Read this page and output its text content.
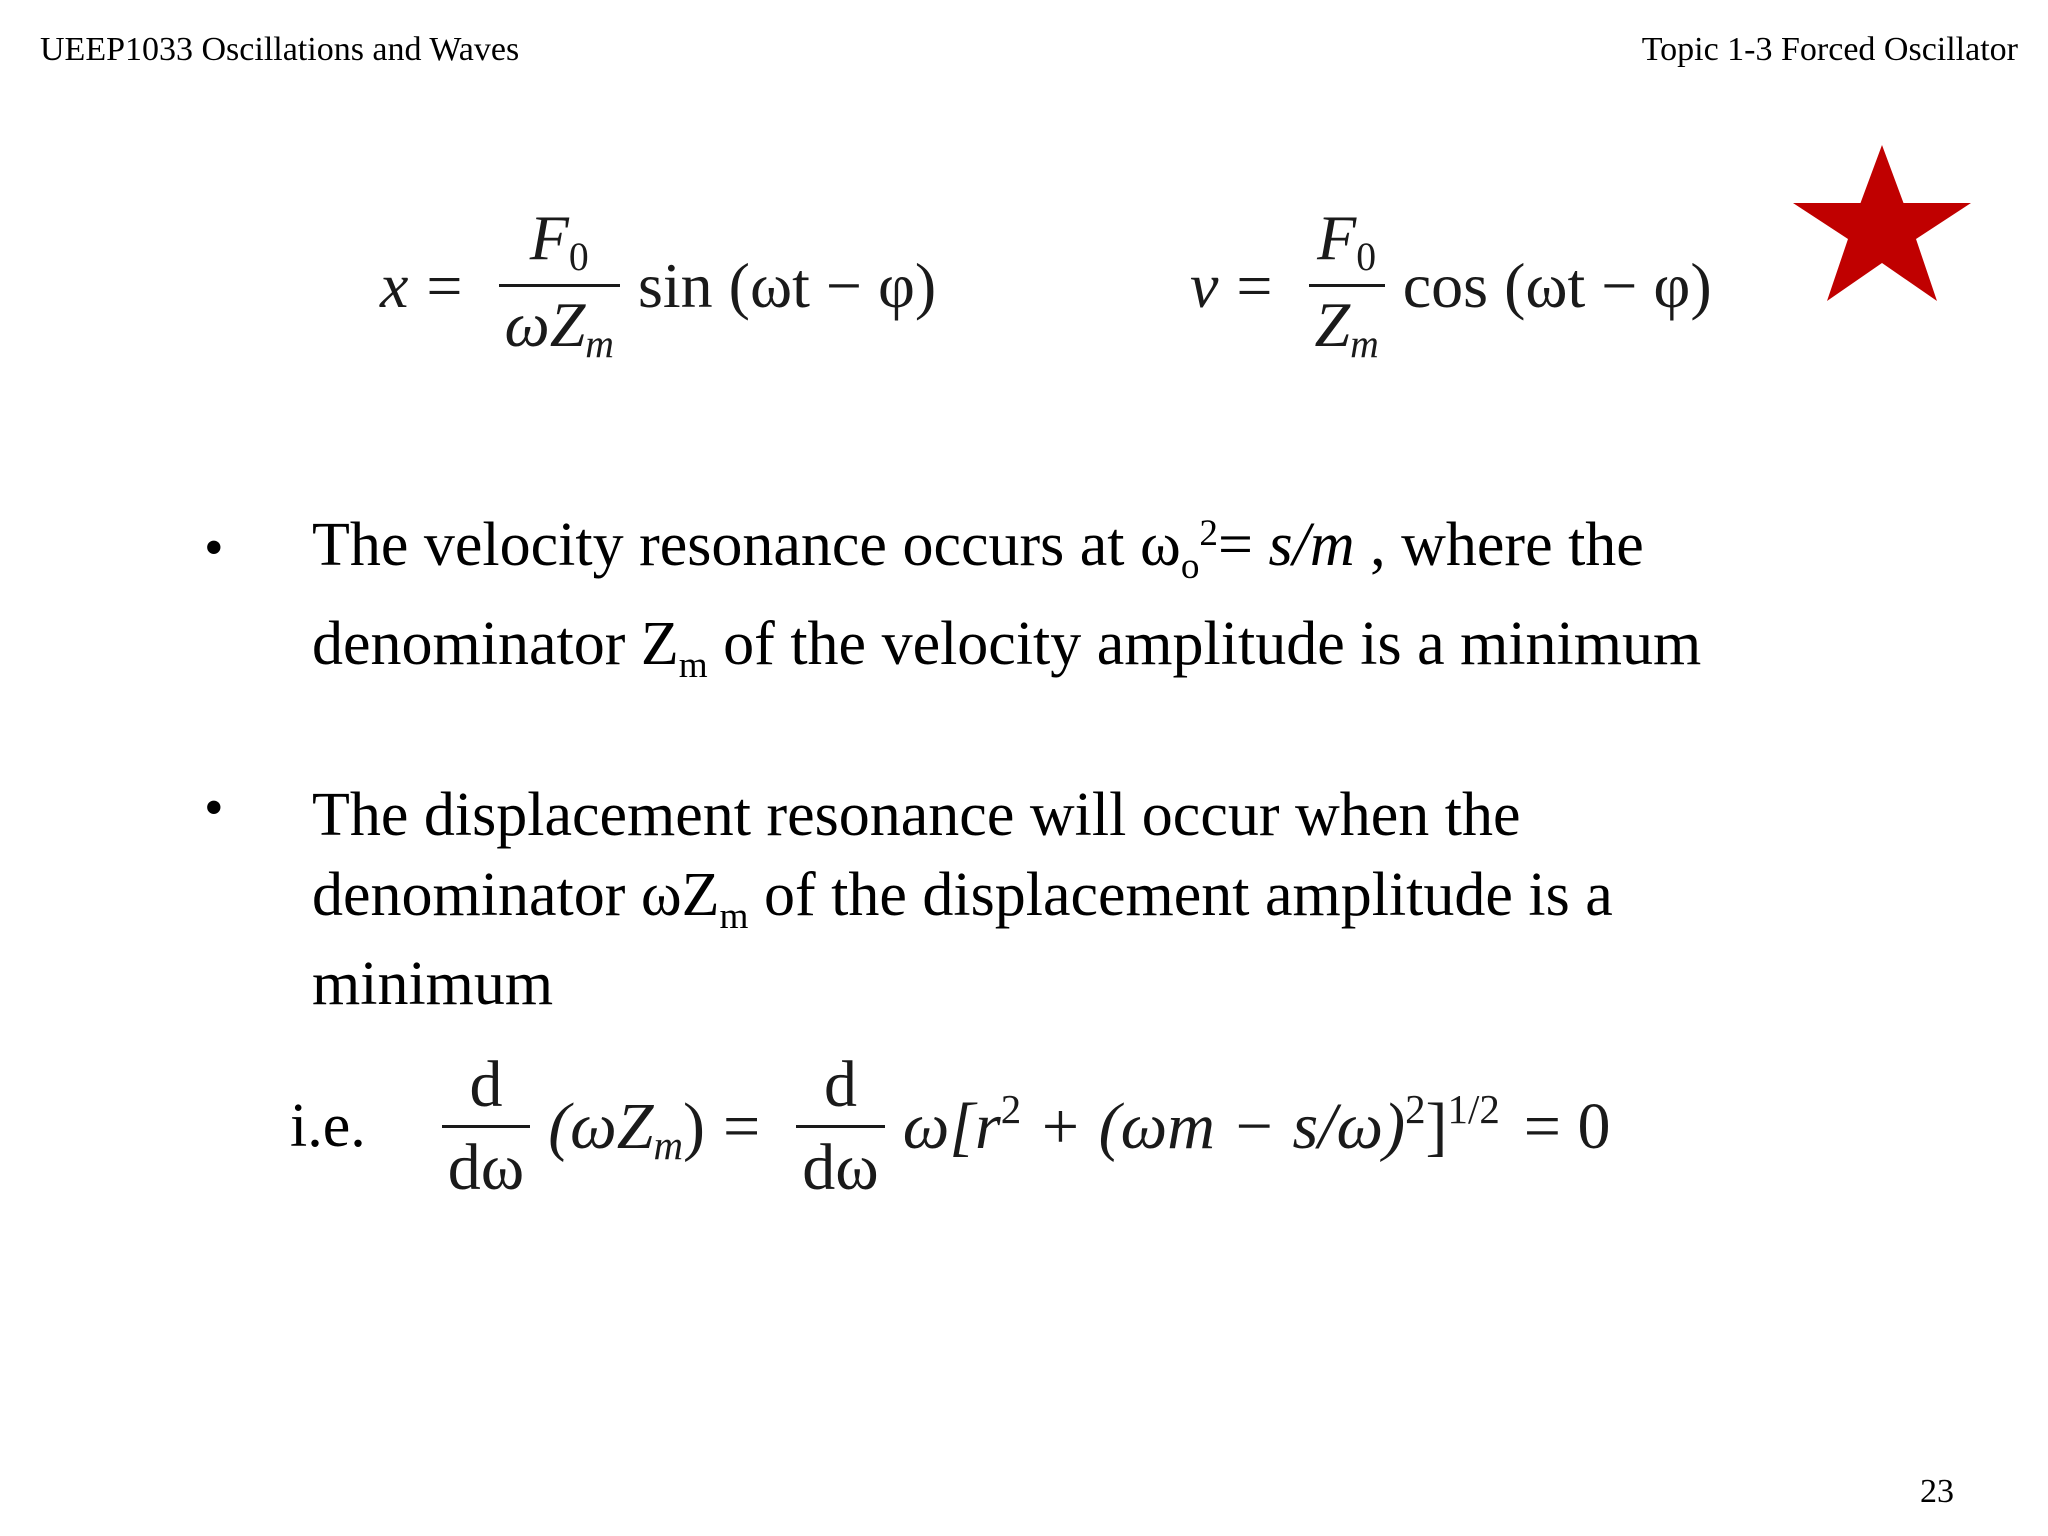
UEEP1033 Oscillations and Waves	Topic 1-3 Forced Oscillator
$x = \frac{F0}{\text{ωZm}}$ sin (ωt − φ)	$v = \frac{F0}{Zm}$ cos (ωt − φ)
• The velocity resonance occurs at $\omega_o^2= s/m$ , where the
denominator $Z_m$ of the velocity amplitude is a minimum
• The displacement resonance will occur when the
denominator $\omega Z_m$ of the displacement amplitude is a
minimum
i.e. $\frac{d}{d\omega} (\omega Zm) = \frac{d}{d\omega} \omega[r^2 + (\omega m - s/\omega)^2]^{1/2} = 0$
23
